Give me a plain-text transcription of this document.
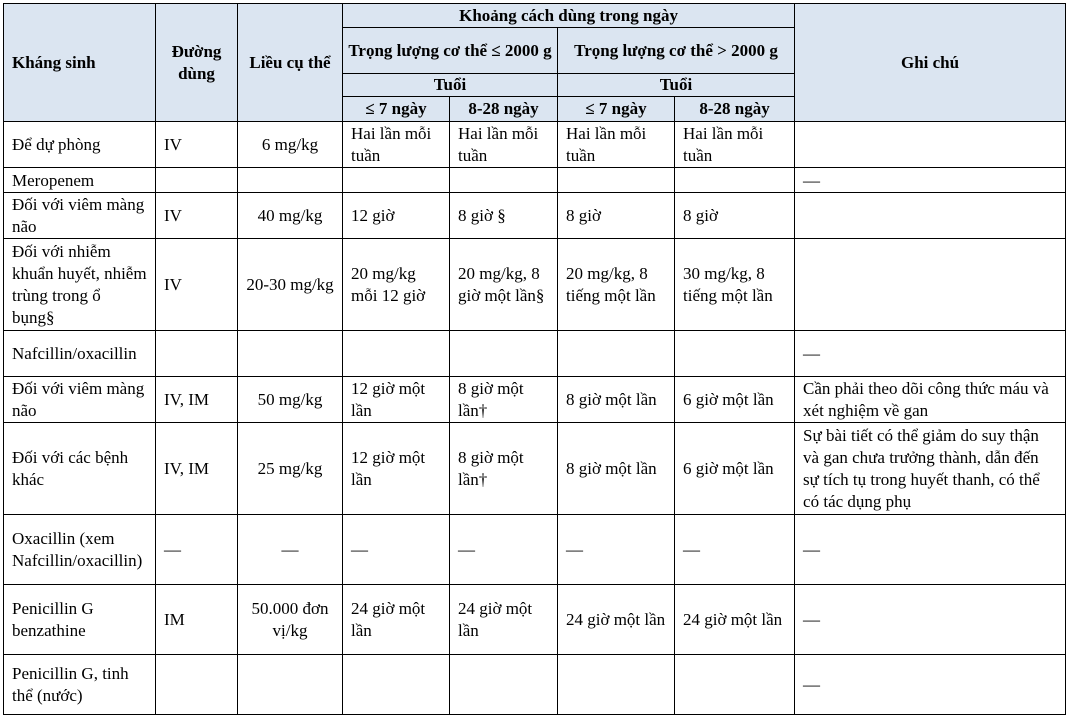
Kháng sinh	Đường dùng	Liều cụ thể	Khoảng cách dùng trong ngày				Ghi chú
			Trọng lượng cơ thể ≤ 2000 g		Trọng lượng cơ thể > 2000 g		
			Tuổi		Tuổi		
			≤ 7 ngày	8-28 ngày	≤ 7 ngày	8-28 ngày	
Để dự phòng	IV	6 mg/kg	Hai lần mỗi tuần	Hai lần mỗi tuần	Hai lần mỗi tuần	Hai lần mỗi tuần	
Meropenem							—
Đối với viêm màng não	IV	40 mg/kg	12 giờ	8 giờ §	8 giờ	8 giờ	
Đối với nhiễm khuẩn huyết, nhiễm trùng trong ổ bụng§	IV	20-30 mg/kg	20 mg/kg mỗi 12 giờ	20 mg/kg, 8 giờ một lần§	20 mg/kg, 8 tiếng một lần	30 mg/kg, 8 tiếng một lần	
Nafcillin/oxacillin							—
Đối với viêm màng não	IV, IM	50 mg/kg	12 giờ một lần	8 giờ một lần†	8 giờ một lần	6 giờ một lần	Cần phải theo dõi công thức máu và xét nghiệm về gan
Đối với các bệnh khác	IV, IM	25 mg/kg	12 giờ một lần	8 giờ một lần†	8 giờ một lần	6 giờ một lần	Sự bài tiết có thể giảm do suy thận và gan chưa trưởng thành, dẫn đến sự tích tụ trong huyết thanh, có thể có tác dụng phụ
Oxacillin (xem Nafcillin/oxacillin)	—	—	—	—	—	—	—
Penicillin G benzathine	IM	50.000 đơn vị/kg	24 giờ một lần	24 giờ một lần	24 giờ một lần	24 giờ một lần	—
Penicillin G, tinh thể (nước)							—
